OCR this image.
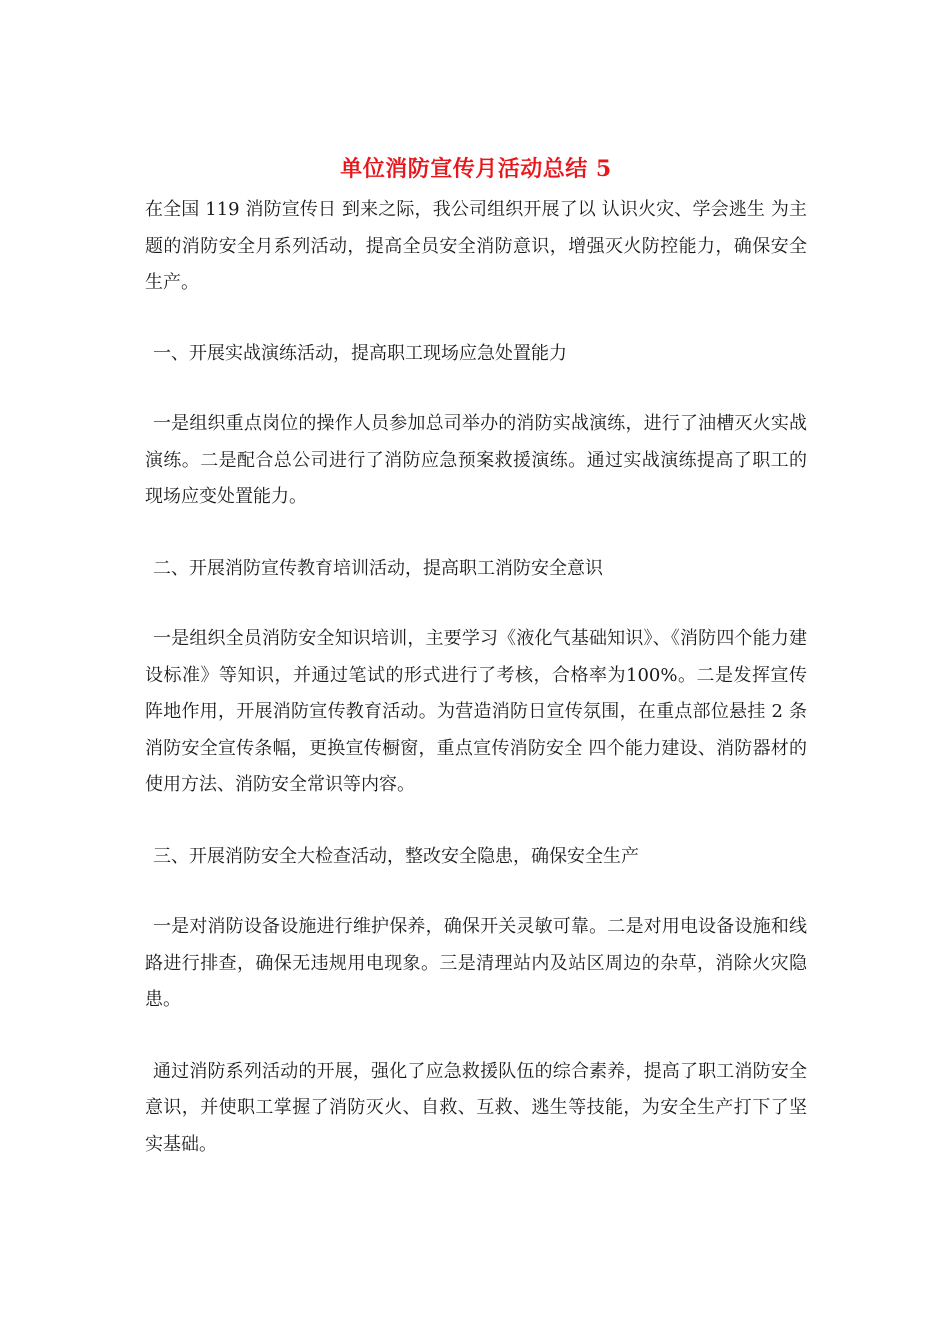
单位消防宣传月活动总结 5

在全国 119 消防宣传日 到来之际，我公司组织开展了以 认识火灾、学会逃生 为主题的消防安全月系列活动，提高全员安全消防意识，增强灭火防控能力，确保安全生产。

一、开展实战演练活动，提高职工现场应急处置能力

一是组织重点岗位的操作人员参加总司举办的消防实战演练，进行了油槽灭火实战演练。二是配合总公司进行了消防应急预案救援演练。通过实战演练提高了职工的现场应变处置能力。

二、开展消防宣传教育培训活动，提高职工消防安全意识

一是组织全员消防安全知识培训，主要学习《液化气基础知识》、《消防四个能力建设标准》等知识，并通过笔试的形式进行了考核，合格率为100%。二是发挥宣传阵地作用，开展消防宣传教育活动。为营造消防日宣传氛围，在重点部位悬挂 2 条消防安全宣传条幅，更换宣传橱窗，重点宣传消防安全 四个能力建设、消防器材的使用方法、消防安全常识等内容。

三、开展消防安全大检查活动，整改安全隐患，确保安全生产

一是对消防设备设施进行维护保养，确保开关灵敏可靠。二是对用电设备设施和线路进行排查，确保无违规用电现象。三是清理站内及站区周边的杂草，消除火灾隐患。

通过消防系列活动的开展，强化了应急救援队伍的综合素养，提高了职工消防安全意识，并使职工掌握了消防灭火、自救、互救、逃生等技能，为安全生产打下了坚实基础。
